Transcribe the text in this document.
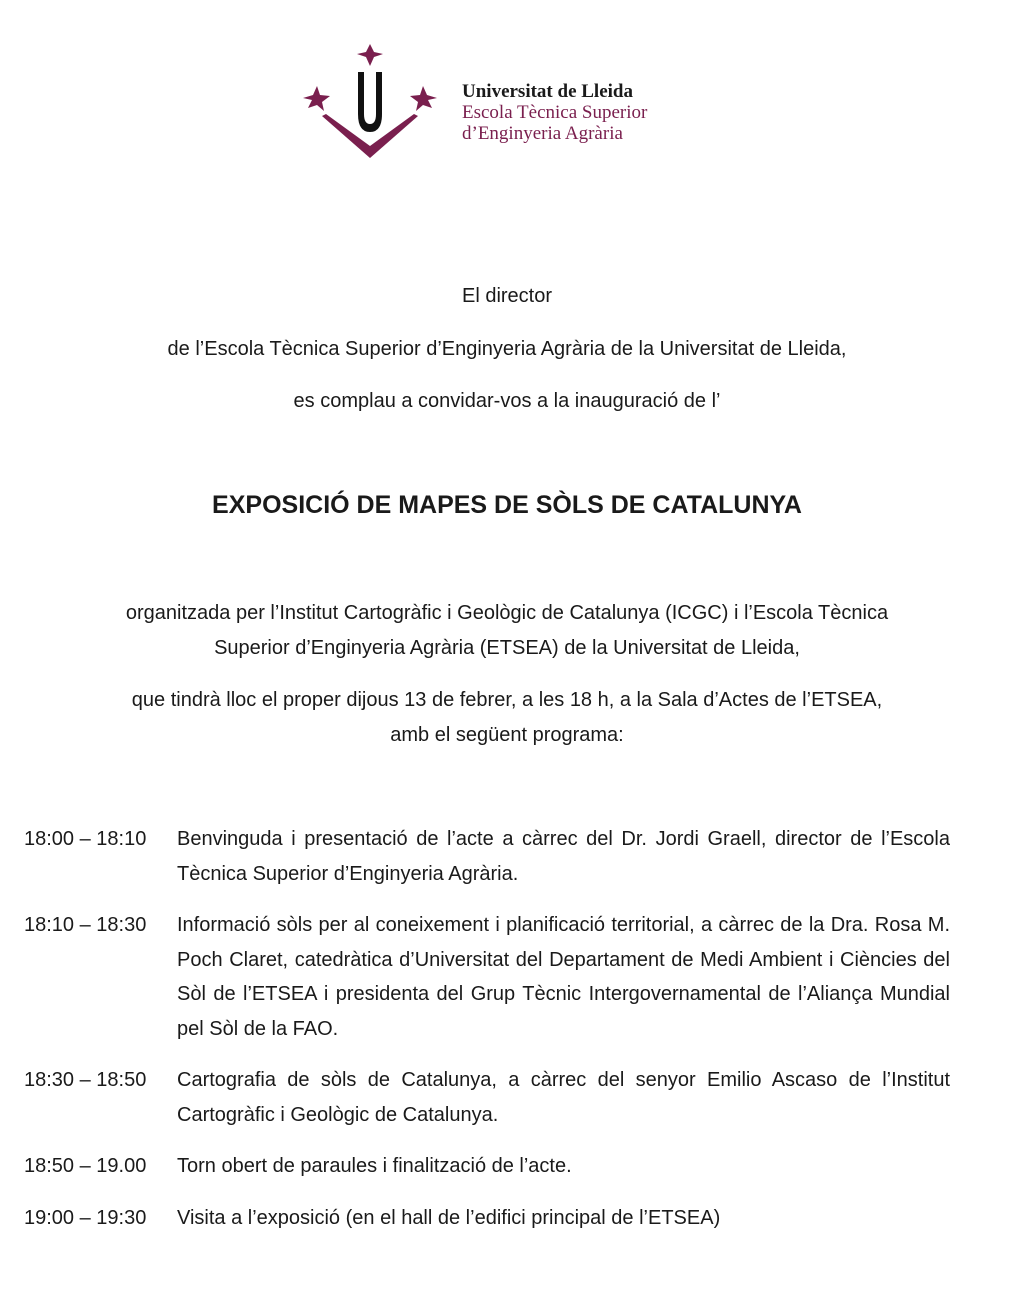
Universitat de Lleida
Escola Tècnica Superior
d’Enginyeria Agrària
El director
de l’Escola Tècnica Superior d’Enginyeria Agrària de la Universitat de Lleida,
es complau a convidar-vos a la inauguració de l’
EXPOSICIÓ DE MAPES DE SÒLS DE CATALUNYA
organitzada per l’Institut Cartogràfic i Geològic de Catalunya (ICGC) i l’Escola Tècnica
Superior d’Enginyeria Agrària (ETSEA) de la Universitat de Lleida,
que tindrà lloc el proper dijous 13 de febrer, a les 18 h, a la Sala d’Actes de l’ETSEA,
amb el següent programa:
18:00 – 18:10	Benvinguda i presentació de l’acte a càrrec del Dr. Jordi Graell, director de l’Escola Tècnica Superior d’Enginyeria Agrària.
18:10 – 18:30	Informació sòls per al coneixement i planificació territorial, a càrrec de la Dra. Rosa M. Poch Claret, catedràtica d’Universitat del Departament de Medi Ambient i Ciències del Sòl de l’ETSEA i presidenta del Grup Tècnic Intergovernamental de l’Aliança Mundial pel Sòl de la FAO.
18:30 – 18:50	Cartografia de sòls de Catalunya, a càrrec del senyor Emilio Ascaso de l’Institut Cartogràfic i Geològic de Catalunya.
18:50 – 19.00	Torn obert de paraules i finalització de l’acte.
19:00 – 19:30	Visita a l’exposició (en el hall de l’edifici principal de l’ETSEA)
